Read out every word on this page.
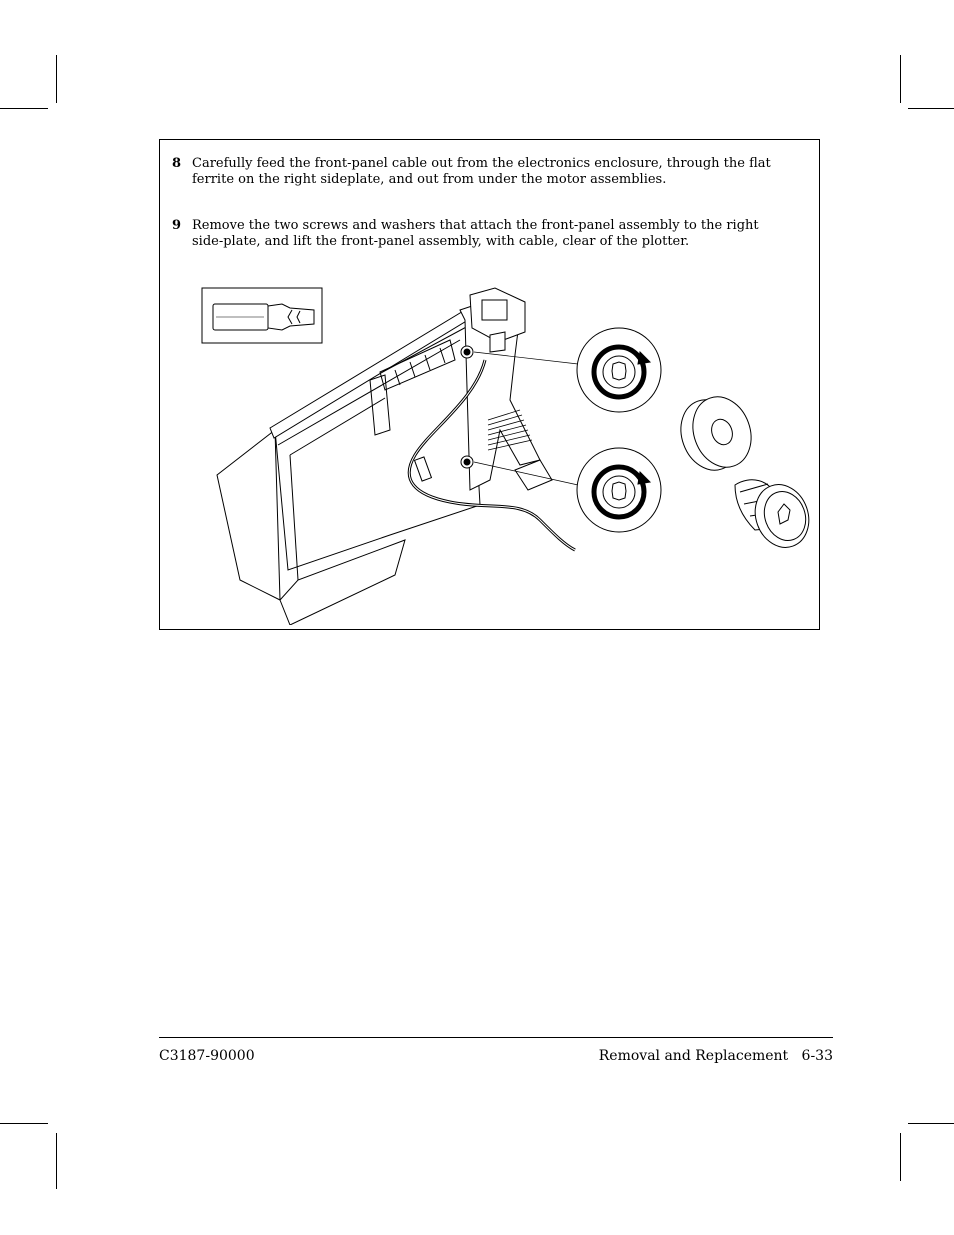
8 Carefully feed the front-panel cable out from the electronics enclosure, through the flat ferrite on the right sideplate, and out from under the motor assemblies.
9 Remove the two screws and washers that attach the front-panel assembly to the right side-plate, and lift the front-panel assembly, with cable, clear of the plotter.
C3187-90000	Removal and Replacement 6-33
